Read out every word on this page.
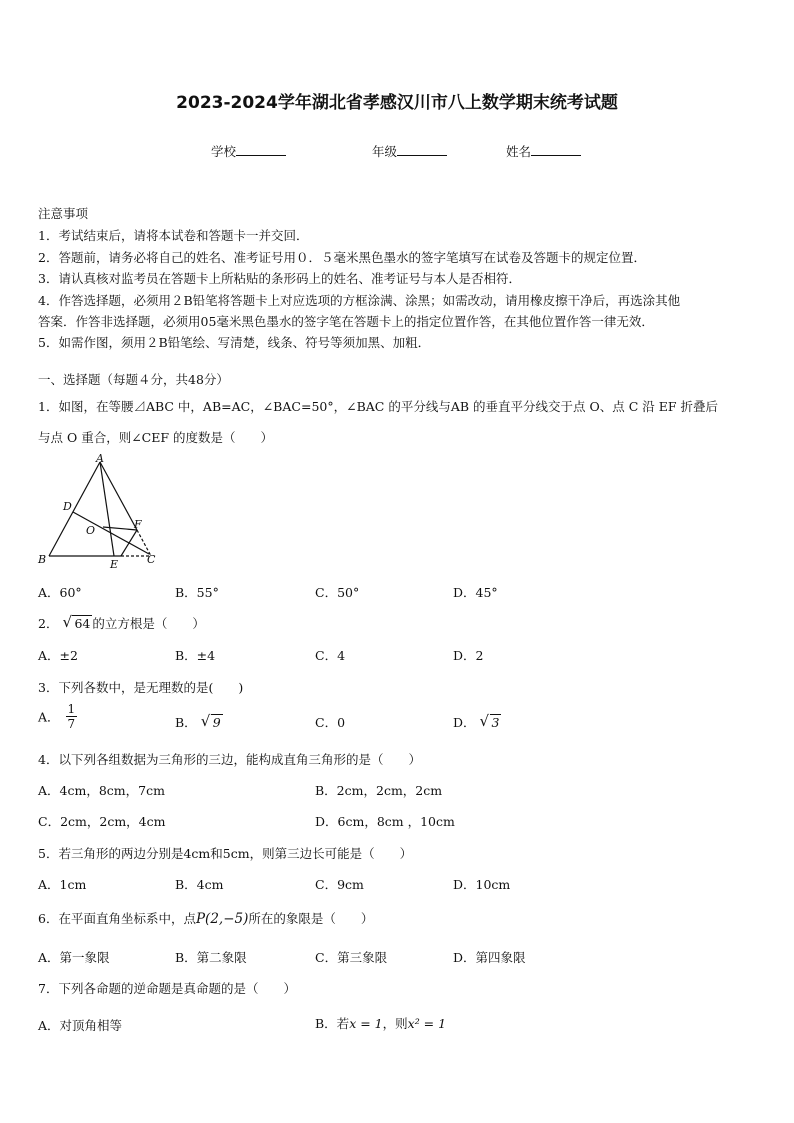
2023-2024学年湖北省孝感汉川市八上数学期末统考试题
学校	年级	姓名
注意事项
1．考试结束后，请将本试卷和答题卡一并交回．
2．答题前，请务必将自己的姓名、准考证号用０．５毫米黑色墨水的签字笔填写在试卷及答题卡的规定位置．
3．请认真核对监考员在答题卡上所粘贴的条形码上的姓名、准考证号与本人是否相符．
4．作答选择题，必须用２B铅笔将答题卡上对应选项的方框涂满、涂黑；如需改动，请用橡皮擦干净后，再选涂其他
答案．作答非选择题，必须用05毫米黑色墨水的签字笔在答题卡上的指定位置作答，在其他位置作答一律无效．
5．如需作图，须用２B铅笔绘、写清楚，线条、符号等须加黑、加粗．
一、选择题（每题４分，共48分）
1．如图，在等腰⊿ABC 中，AB=AC，∠BAC=50°，∠BAC 的平分线与AB 的垂直平分线交于点 O、点 C 沿 EF 折叠后
与点 O 重合，则∠CEF 的度数是（　　）
A
B	C
D
E
F
O
A．60°	B．55°	C．50°	D．45°
2． √ 64 的立方根是（　　）
A．±2	B．±4	C．4	D．2
3．下列各数中，是无理数的是(　　)
A． $\frac{1}{7}$	B． √ 9	C．0	D． √ 3
4．以下列各组数据为三角形的三边，能构成直角三角形的是（　　）
A．4cm，8cm，7cm	B．2cm，2cm，2cm
C．2cm，2cm，4cm	D．6cm，8cm ，10cm
5．若三角形的两边分别是4cm和5cm，则第三边长可能是（　　）
A．1cm	B．4cm	C．9cm	D．10cm
6．在平面直角坐标系中，点P(2,−5)所在的象限是（　　）
A．第一象限	B．第二象限	C．第三象限	D．第四象限
7．下列各命题的逆命题是真命题的是（　　）
A．对顶角相等	B．若x = 1，则x² = 1
